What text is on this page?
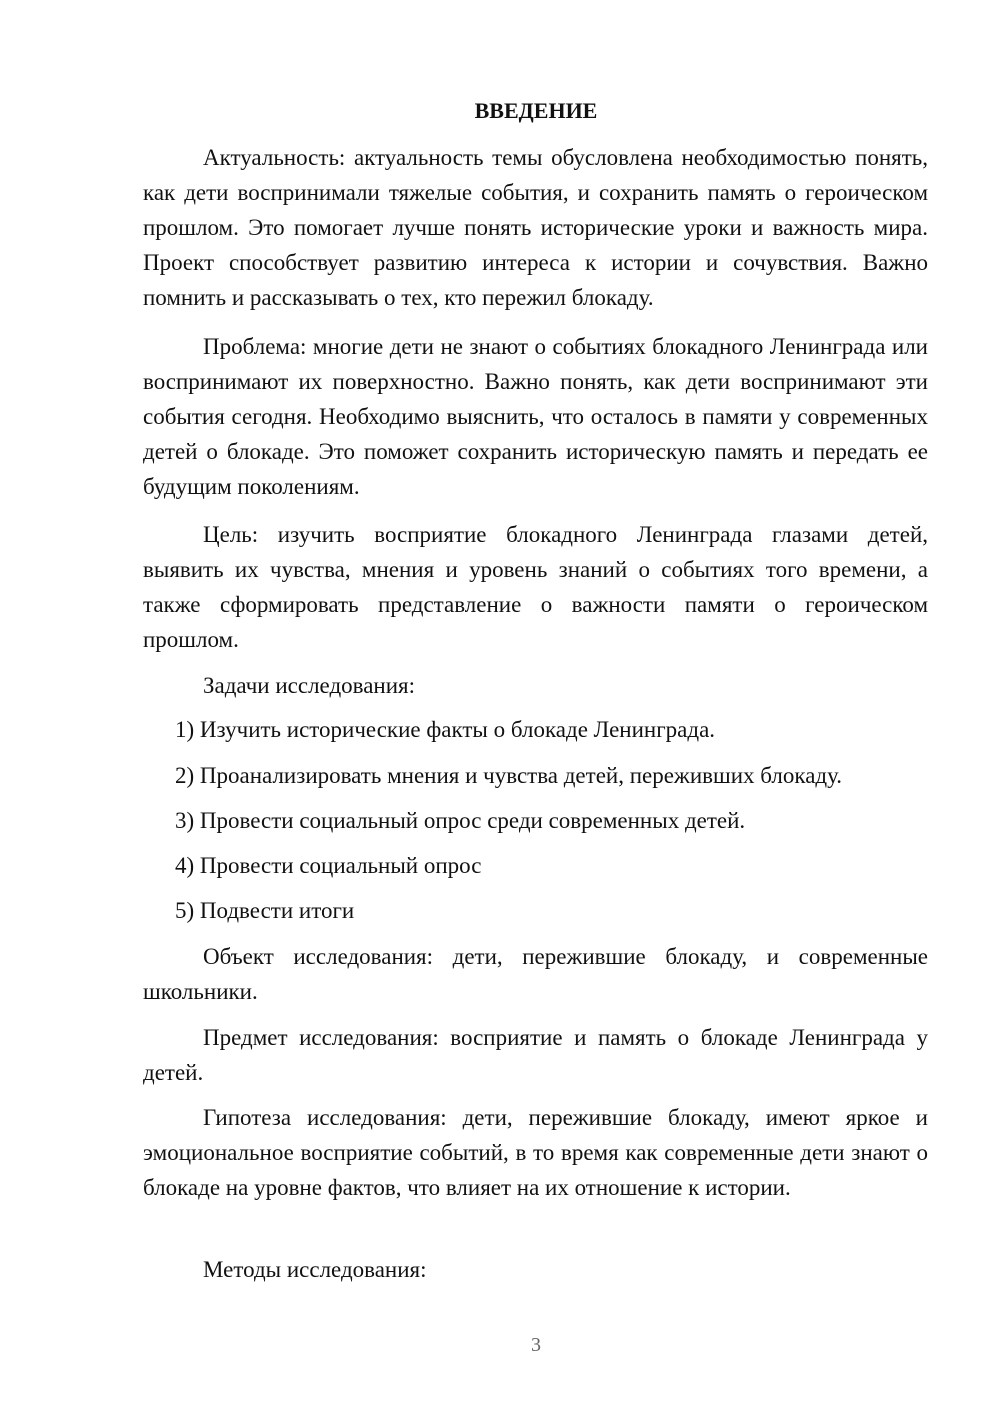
ВВЕДЕНИЕ

Актуальность: актуальность темы обусловлена необходимостью понять, как дети воспринимали тяжелые события, и сохранить память о героическом прошлом. Это помогает лучше понять исторические уроки и важность мира. Проект способствует развитию интереса к истории и сочувствия. Важно помнить и рассказывать о тех, кто пережил блокаду.

Проблема: многие дети не знают о событиях блокадного Ленинграда или воспринимают их поверхностно. Важно понять, как дети воспринимают эти события сегодня. Необходимо выяснить, что осталось в памяти у современных детей о блокаде. Это поможет сохранить историческую память и передать ее будущим поколениям.

Цель: изучить восприятие блокадного Ленинграда глазами детей, выявить их чувства, мнения и уровень знаний о событиях того времени, а также сформировать представление о важности памяти о героическом прошлом.

Задачи исследования:

1) Изучить исторические факты о блокаде Ленинграда.

2) Проанализировать мнения и чувства детей, переживших блокаду.

3) Провести социальный опрос среди современных детей.

4) Провести социальный опрос

5) Подвести итоги

Объект исследования: дети, пережившие блокаду, и современные школьники.

Предмет исследования: восприятие и память о блокаде Ленинграда у детей.

Гипотеза исследования: дети, пережившие блокаду, имеют яркое и эмоциональное восприятие событий, в то время как современные дети знают о блокаде на уровне фактов, что влияет на их отношение к истории.

Методы исследования:

3
